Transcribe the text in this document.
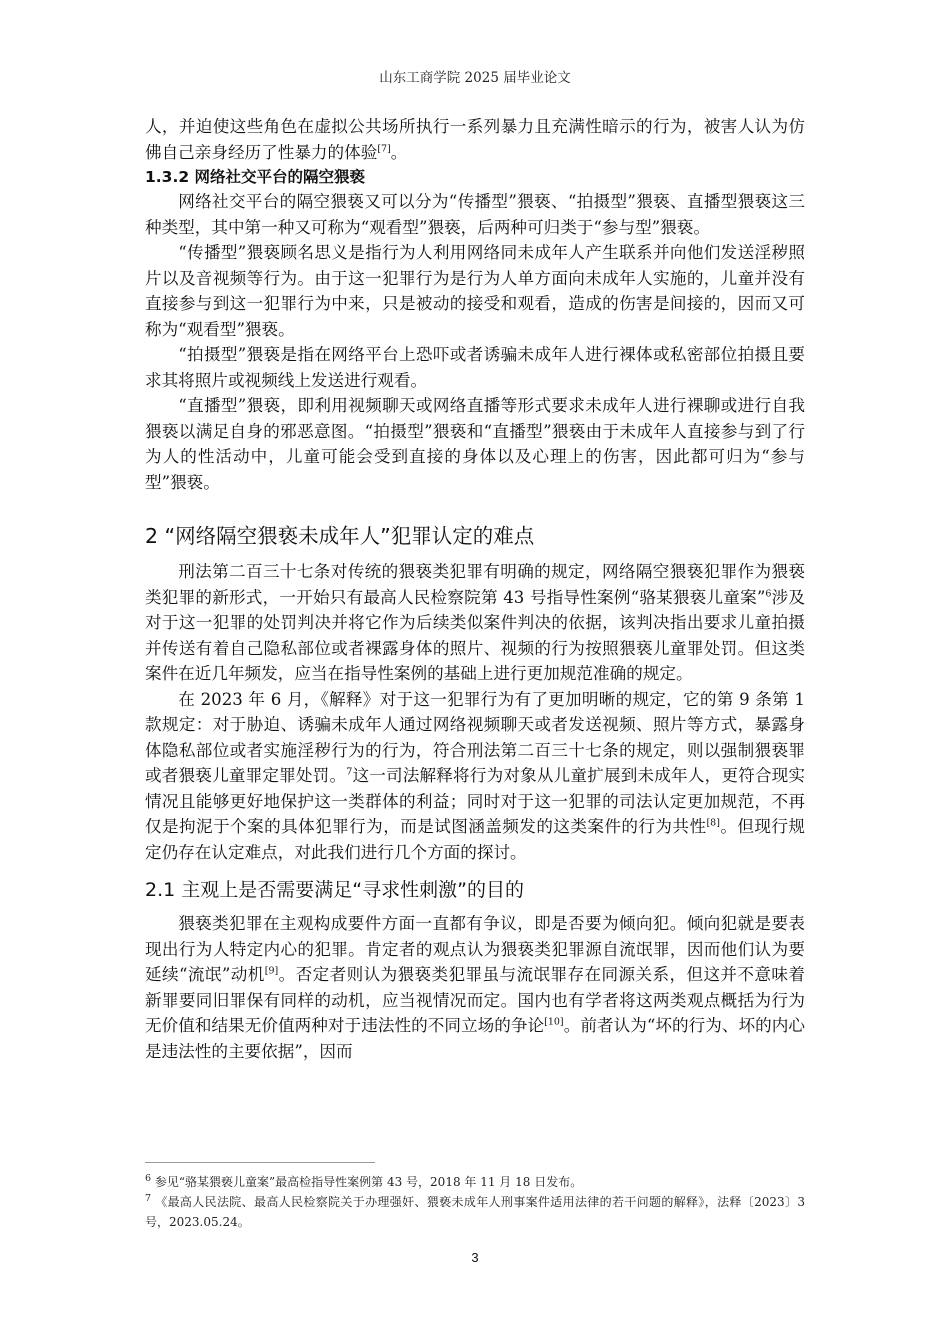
山东工商学院 2025 届毕业论文

人，并迫使这些角色在虚拟公共场所执行一系列暴力且充满性暗示的行为，被害人认为仿佛自己亲身经历了性暴力的体验[7]。

1.3.2 网络社交平台的隔空猥亵

网络社交平台的隔空猥亵又可以分为“传播型”猥亵、“拍摄型”猥亵、直播型猥亵这三种类型，其中第一种又可称为“观看型”猥亵，后两种可归类于“参与型”猥亵。

“传播型”猥亵顾名思义是指行为人利用网络同未成年人产生联系并向他们发送淫秽照片以及音视频等行为。由于这一犯罪行为是行为人单方面向未成年人实施的，儿童并没有直接参与到这一犯罪行为中来，只是被动的接受和观看，造成的伤害是间接的，因而又可称为“观看型”猥亵。

“拍摄型”猥亵是指在网络平台上恐吓或者诱骗未成年人进行裸体或私密部位拍摄且要求其将照片或视频线上发送进行观看。

“直播型”猥亵，即利用视频聊天或网络直播等形式要求未成年人进行裸聊或进行自我猥亵以满足自身的邪恶意图。“拍摄型”猥亵和“直播型”猥亵由于未成年人直接参与到了行为人的性活动中，儿童可能会受到直接的身体以及心理上的伤害，因此都可归为“参与型”猥亵。

2 “网络隔空猥亵未成年人”犯罪认定的难点

刑法第二百三十七条对传统的猥亵类犯罪有明确的规定，网络隔空猥亵犯罪作为猥亵类犯罪的新形式，一开始只有最高人民检察院第 43 号指导性案例“骆某猥亵儿童案”$^6$涉及对于这一犯罪的处罚判决并将它作为后续类似案件判决的依据，该判决指出要求儿童拍摄并传送有着自己隐私部位或者裸露身体的照片、视频的行为按照猥亵儿童罪处罚。但这类案件在近几年频发，应当在指导性案例的基础上进行更加规范准确的规定。

在 2023 年 6 月，《解释》对于这一犯罪行为有了更加明晰的规定，它的第 9 条第 1 款规定：对于胁迫、诱骗未成年人通过网络视频聊天或者发送视频、照片等方式，暴露身体隐私部位或者实施淫秽行为的行为，符合刑法第二百三十七条的规定，则以强制猥亵罪或者猥亵儿童罪定罪处罚。$^7$这一司法解释将行为对象从儿童扩展到未成年人，更符合现实情况且能够更好地保护这一类群体的利益；同时对于这一犯罪的司法认定更加规范，不再仅是拘泥于个案的具体犯罪行为，而是试图涵盖频发的这类案件的行为共性[8]。但现行规定仍存在认定难点，对此我们进行几个方面的探讨。

2.1 主观上是否需要满足“寻求性刺激”的目的

猥亵类犯罪在主观构成要件方面一直都有争议，即是否要为倾向犯。倾向犯就是要表现出行为人特定内心的犯罪。肯定者的观点认为猥亵类犯罪源自流氓罪，因而他们认为要延续“流氓”动机[9]。否定者则认为猥亵类犯罪虽与流氓罪存在同源关系，但这并不意味着新罪要同旧罪保有同样的动机，应当视情况而定。国内也有学者将这两类观点概括为行为无价值和结果无价值两种对于违法性的不同立场的争论[10]。前者认为“坏的行为、坏的内心是违法性的主要依据”，因而

$^6$ 参见“骆某猥亵儿童案”最高检指导性案例第 43 号，2018 年 11 月 18 日发布。

$^7$ 《最高人民法院、最高人民检察院关于办理强奸、猥亵未成年人刑事案件适用法律的若干问题的解释》，法释〔2023〕3 号，2023.05.24。

3
